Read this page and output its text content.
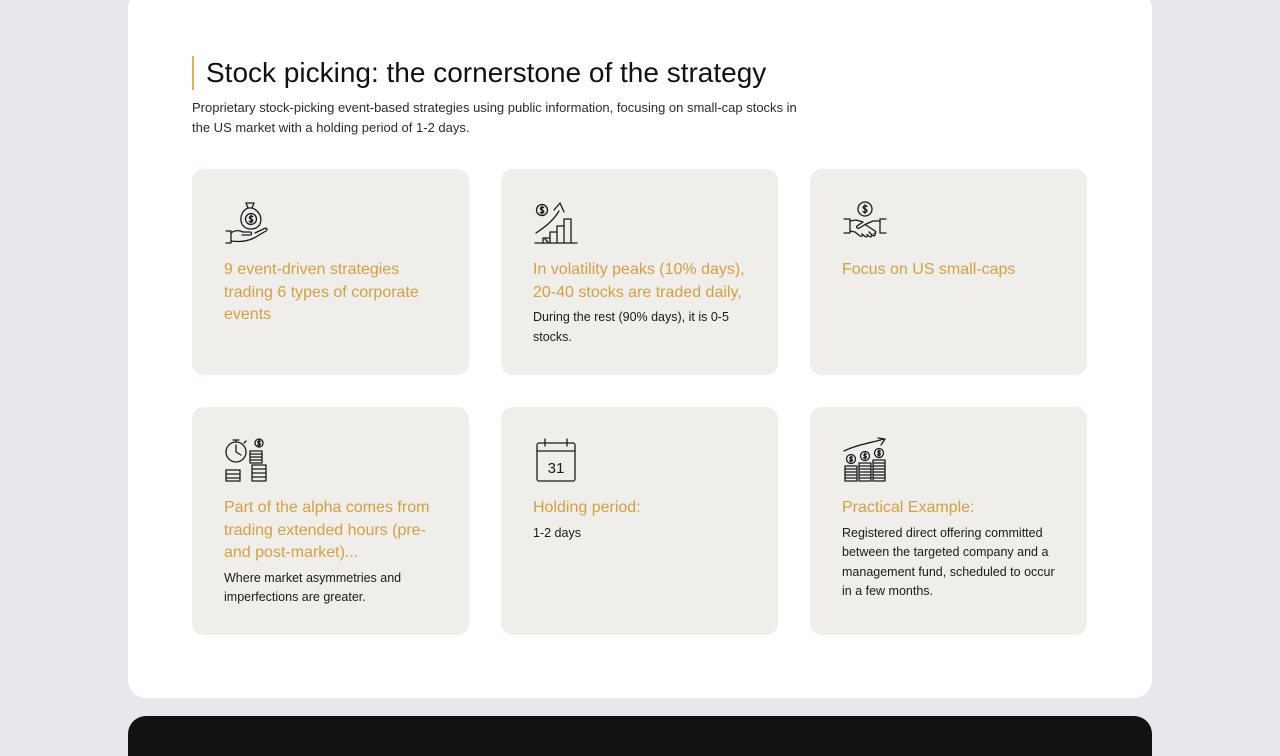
Stock picking: the cornerstone of the strategy

Proprietary stock-picking event-based strategies using public information, focusing on small-cap stocks in the US market with a holding period of 1-2 days.

9 event-driven strategies trading 6 types of corporate events

In volatility peaks (10% days), 20-40 stocks are traded daily,

During the rest (90% days), it is 0-5 stocks.

Focus on US small-caps

Part of the alpha comes from trading extended hours (pre- and post-market)...

Where market asymmetries and imperfections are greater.

31

Holding period:

1-2 days

Practical Example:

Registered direct offering committed between the targeted company and a management fund, scheduled to occur in a few months.
